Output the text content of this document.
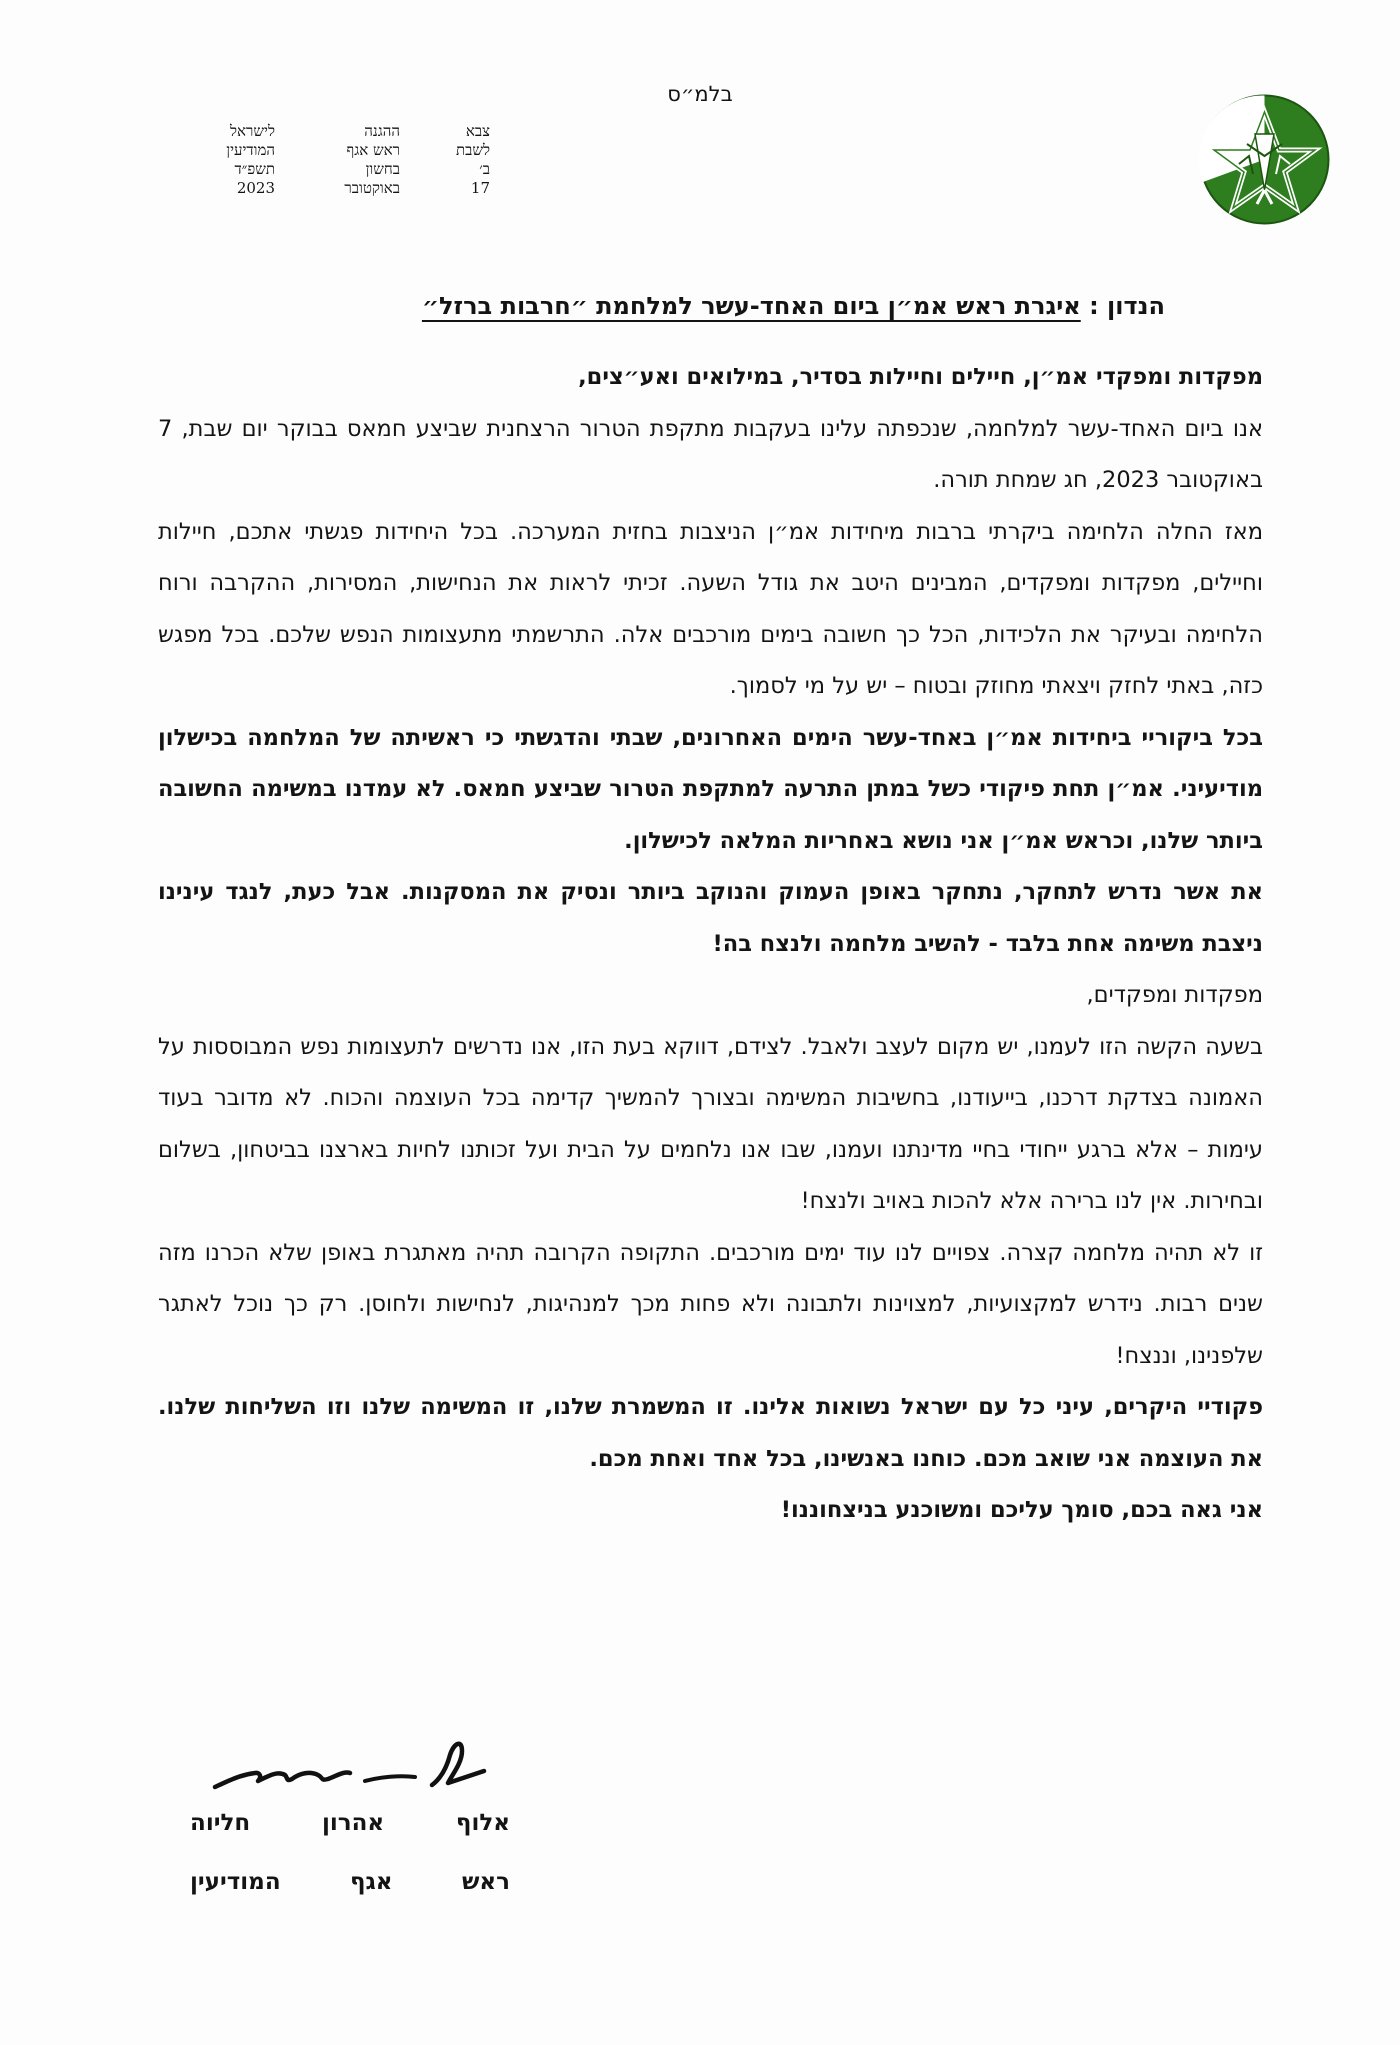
בלמ״ס
צבא
לשבת
ב׳
17
ההגנה
ראש אגף
בחשון
באוקטובר
לישראל
המודיעין
תשפ״ד
2023
הנדון : איגרת ראש אמ״ן ביום האחד-עשר למלחמת ״חרבות ברזל״

מפקדות ומפקדי אמ״ן, חיילים וחיילות בסדיר, במילואים ואע״צים,

אנו ביום האחד-עשר למלחמה, שנכפתה עלינו בעקבות מתקפת הטרור הרצחנית שביצע חמאס בבוקר יום שבת, 7 באוקטובר 2023, חג שמחת תורה.

מאז החלה הלחימה ביקרתי ברבות מיחידות אמ״ן הניצבות בחזית המערכה. בכל היחידות פגשתי אתכם, חיילות וחיילים, מפקדות ומפקדים, המבינים היטב את גודל השעה. זכיתי לראות את הנחישות, המסירות, ההקרבה ורוח הלחימה ובעיקר את הלכידות, הכל כך חשובה בימים מורכבים אלה. התרשמתי מתעצומות הנפש שלכם. בכל מפגש כזה, באתי לחזק ויצאתי מחוזק ובטוח – יש על מי לסמוך.

בכל ביקוריי ביחידות אמ״ן באחד-עשר הימים האחרונים, שבתי והדגשתי כי ראשיתה של המלחמה בכישלון מודיעיני. אמ״ן תחת פיקודי כשל במתן התרעה למתקפת הטרור שביצע חמאס. לא עמדנו במשימה החשובה ביותר שלנו, וכראש אמ״ן אני נושא באחריות המלאה לכישלון.

את אשר נדרש לתחקר, נתחקר באופן העמוק והנוקב ביותר ונסיק את המסקנות. אבל כעת, לנגד עינינו ניצבת משימה אחת בלבד - להשיב מלחמה ולנצח בה!

מפקדות ומפקדים,

בשעה הקשה הזו לעמנו, יש מקום לעצב ולאבל. לצידם, דווקא בעת הזו, אנו נדרשים לתעצומות נפש המבוססות על האמונה בצדקת דרכנו, בייעודנו, בחשיבות המשימה ובצורך להמשיך קדימה בכל העוצמה והכוח. לא מדובר בעוד עימות – אלא ברגע ייחודי בחיי מדינתנו ועמנו, שבו אנו נלחמים על הבית ועל זכותנו לחיות בארצנו בביטחון, בשלום ובחירות. אין לנו ברירה אלא להכות באויב ולנצח!

זו לא תהיה מלחמה קצרה. צפויים לנו עוד ימים מורכבים. התקופה הקרובה תהיה מאתגרת באופן שלא הכרנו מזה שנים רבות. נידרש למקצועיות, למצוינות ולתבונה ולא פחות מכך למנהיגות, לנחישות ולחוסן. רק כך נוכל לאתגר שלפנינו, וננצח!

פקודיי היקרים, עיני כל עם ישראל נשואות אלינו. זו המשמרת שלנו, זו המשימה שלנו וזו השליחות שלנו. את העוצמה אני שואב מכם. כוחנו באנשינו, בכל אחד ואחת מכם.

אני גאה בכם, סומך עליכם ומשוכנע בניצחוננו!

אלוף
אהרון
חליוה
ראש
אגף
המודיעין
